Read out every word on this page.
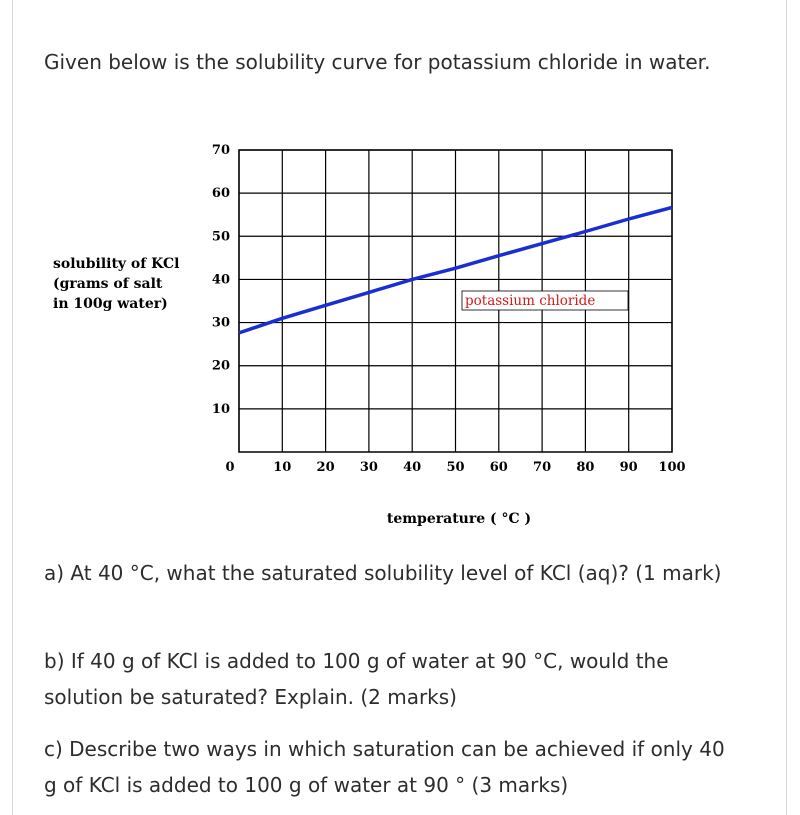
Given below is the solubility curve for potassium chloride in water.

10
20
30
40
50
60
70
0	10 20 30 40 50 60 70 80 90 100
potassium chloride
solubility of KCl
(grams of salt
in 100g water)
temperature ( °C )

a) At 40 °C, what the saturated solubility level of KCl (aq)? (1 mark)

b) If 40 g of KCl is added to 100 g of water at 90 °C, would the solution be saturated? Explain. (2 marks)

c) Describe two ways in which saturation can be achieved if only 40 g of KCl is added to 100 g of water at 90 ° (3 marks)
